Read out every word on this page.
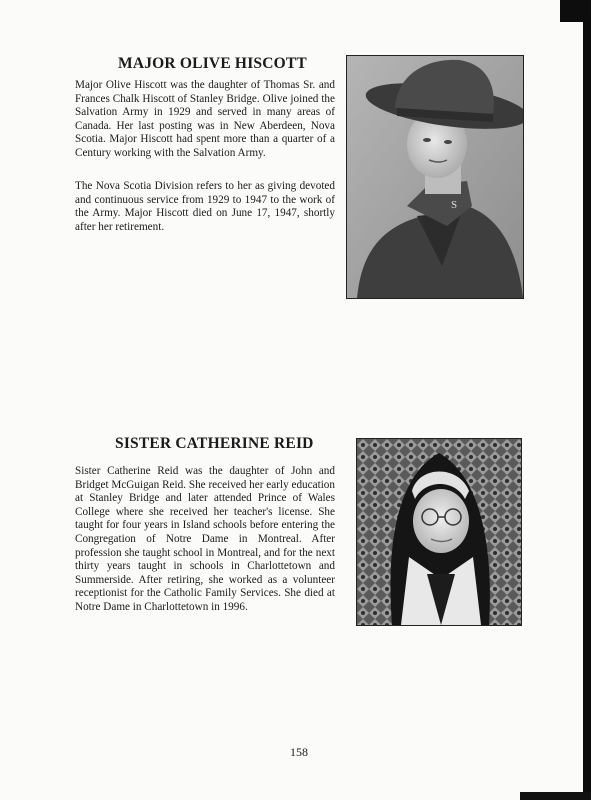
MAJOR OLIVE HISCOTT

Major Olive Hiscott was the daughter of Thomas Sr. and Frances Chalk Hiscott of Stanley Bridge. Olive joined the Salvation Army in 1929 and served in many areas of Canada. Her last posting was in New Aberdeen, Nova Scotia. Major Hiscott had spent more than a quarter of a Century working with the Salvation Army.

The Nova Scotia Division refers to her as giving devoted and continuous service from 1929 to 1947 to the work of the Army. Major Hiscott died on June 17, 1947, shortly after her retirement.

S
SISTER CATHERINE REID

Sister Catherine Reid was the daughter of John and Bridget McGuigan Reid. She received her early education at Stanley Bridge and later attended Prince of Wales College where she received her teacher's license. She taught for four years in Island schools before entering the Congregation of Notre Dame in Montreal. After profession she taught school in Montreal, and for the next thirty years taught in schools in Charlottetown and Summerside. After retiring, she worked as a volunteer receptionist for the Catholic Family Services. She died at Notre Dame in Charlottetown in 1996.

158
